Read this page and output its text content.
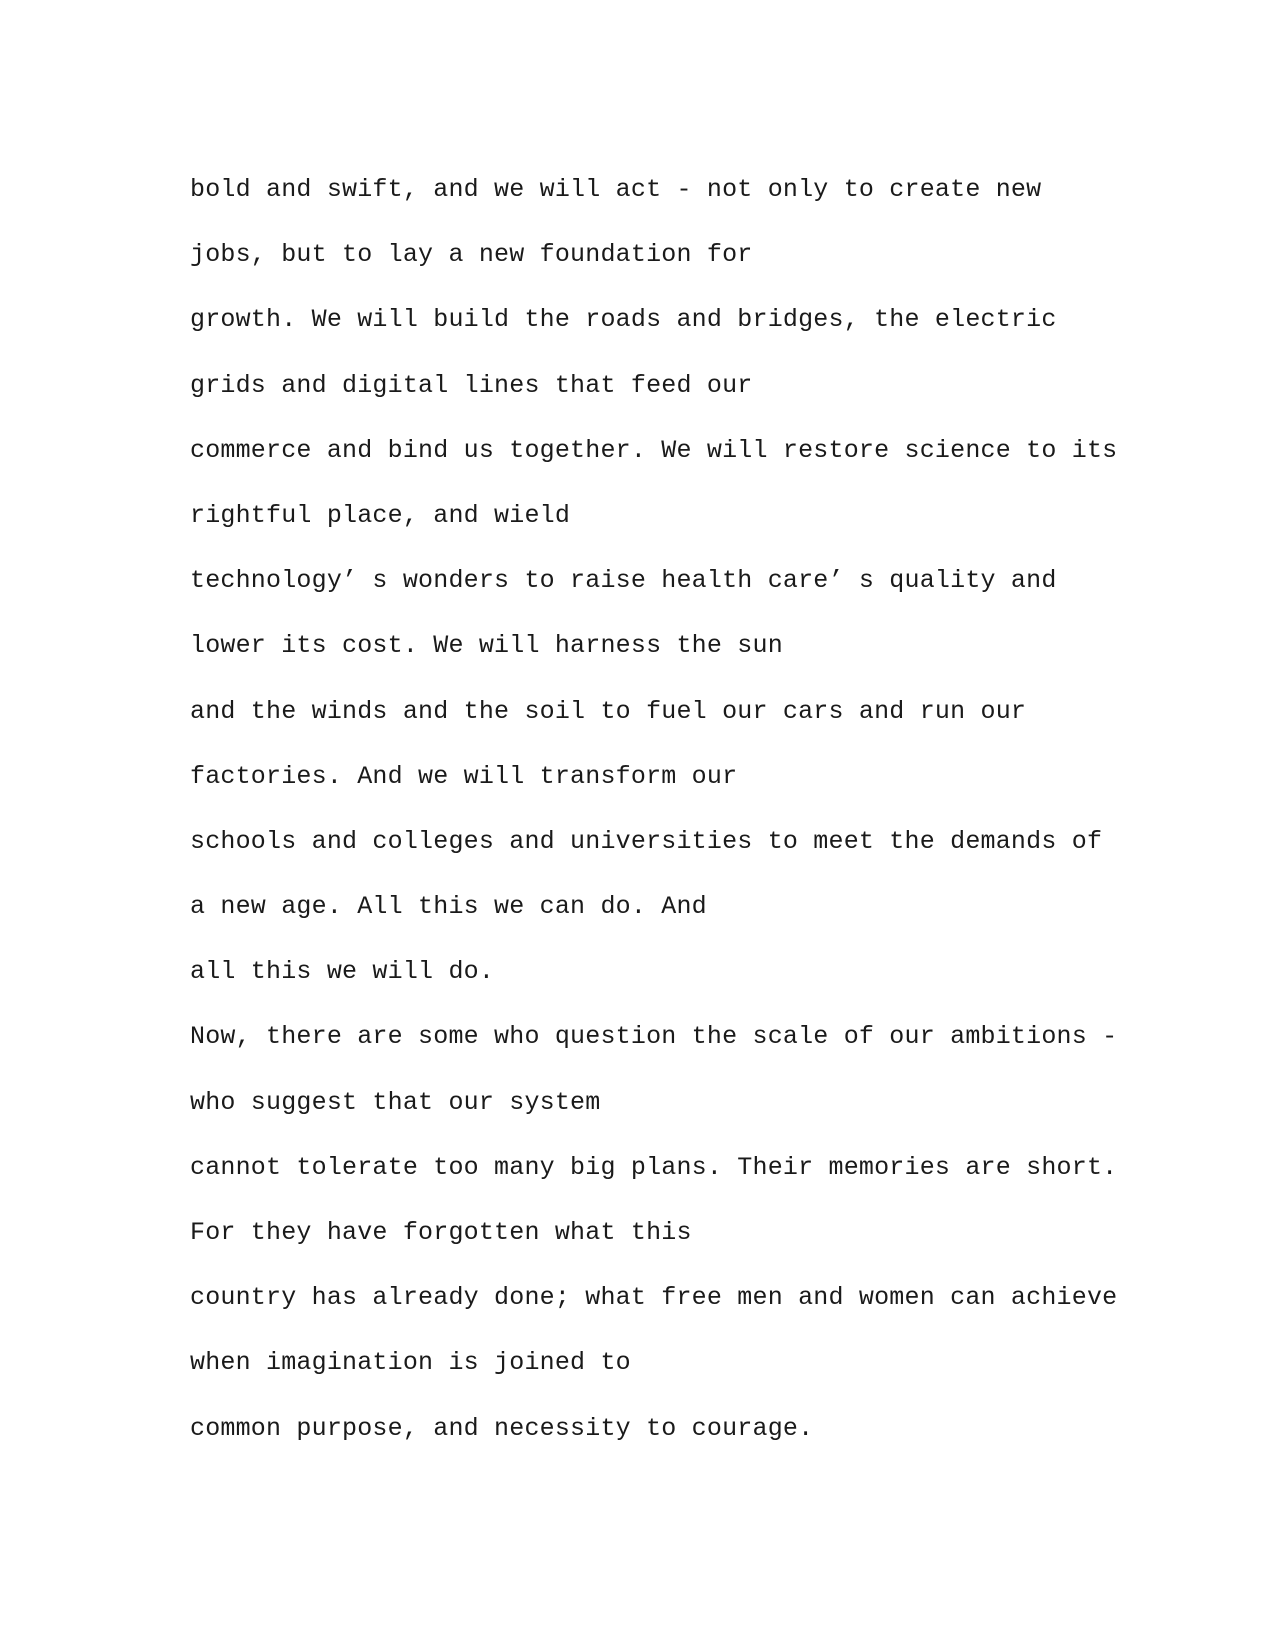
bold and swift, and we will act - not only to create new
jobs, but to lay a new foundation for
growth. We will build the roads and bridges, the electric
grids and digital lines that feed our
commerce and bind us together. We will restore science to its
rightful place, and wield
technology’ s wonders to raise health care’ s quality and
lower its cost. We will harness the sun
and the winds and the soil to fuel our cars and run our
factories. And we will transform our
schools and colleges and universities to meet the demands of
a new age. All this we can do. And
all this we will do.
Now, there are some who question the scale of our ambitions -
who suggest that our system
cannot tolerate too many big plans. Their memories are short.
For they have forgotten what this
country has already done; what free men and women can achieve
when imagination is joined to
common purpose, and necessity to courage.
